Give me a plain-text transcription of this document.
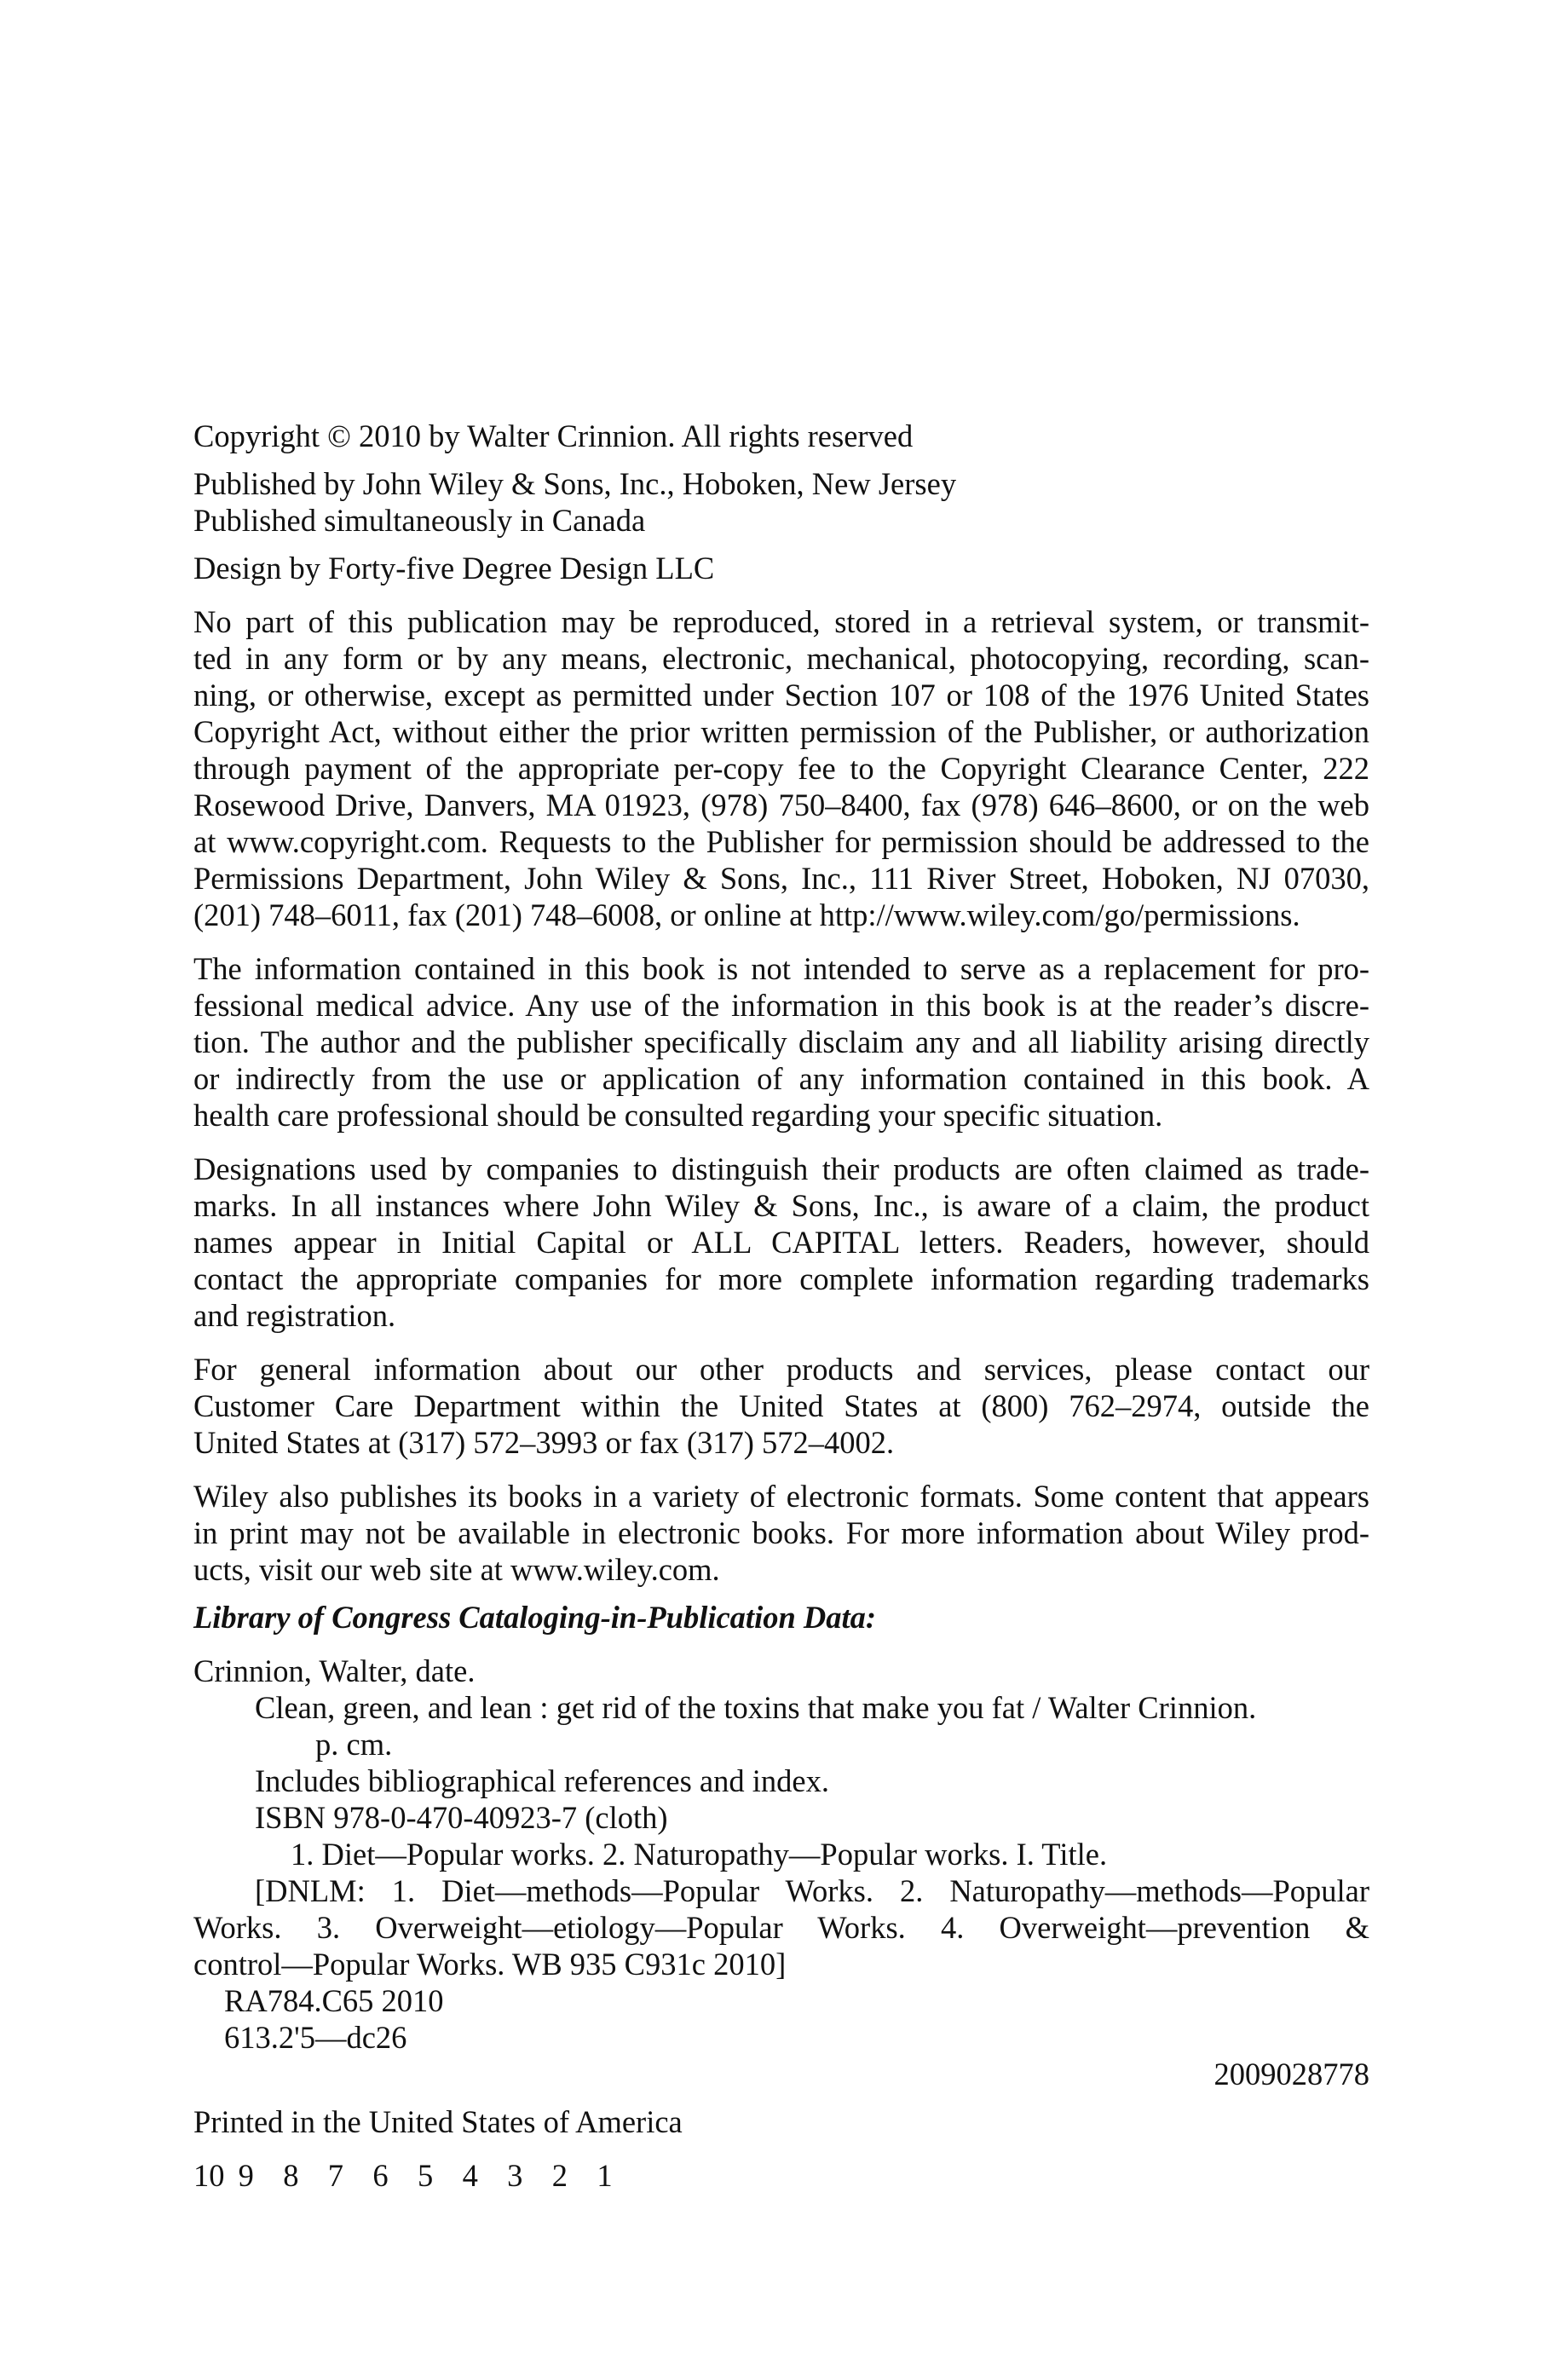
Copyright © 2010 by Walter Crinnion. All rights reserved
Published by John Wiley & Sons, Inc., Hoboken, New Jersey
Published simultaneously in Canada
Design by Forty-five Degree Design LLC
No part of this publication may be reproduced, stored in a retrieval system, or transmit-
ted in any form or by any means, electronic, mechanical, photocopying, recording, scan-
ning, or otherwise, except as permitted under Section 107 or 108 of the 1976 United States
Copyright Act, without either the prior written permission of the Publisher, or authorization
through payment of the appropriate per-copy fee to the Copyright Clearance Center, 222
Rosewood Drive, Danvers, MA 01923, (978) 750–8400, fax (978) 646–8600, or on the web
at www.copyright.com. Requests to the Publisher for permission should be addressed to the
Permissions Department, John Wiley & Sons, Inc., 111 River Street, Hoboken, NJ 07030,
(201) 748–6011, fax (201) 748–6008, or online at http://www.wiley.com/go/permissions.
The information contained in this book is not intended to serve as a replacement for pro-
fessional medical advice. Any use of the information in this book is at the reader’s discre-
tion. The author and the publisher specifically disclaim any and all liability arising directly
or indirectly from the use or application of any information contained in this book. A
health care professional should be consulted regarding your specific situation.
Designations used by companies to distinguish their products are often claimed as trade-
marks. In all instances where John Wiley & Sons, Inc., is aware of a claim, the product
names appear in Initial Capital or ALL CAPITAL letters. Readers, however, should
contact the appropriate companies for more complete information regarding trademarks
and registration.
For general information about our other products and services, please contact our
Customer Care Department within the United States at (800) 762–2974, outside the
United States at (317) 572–3993 or fax (317) 572–4002.
Wiley also publishes its books in a variety of electronic formats. Some content that appears
in print may not be available in electronic books. For more information about Wiley prod-
ucts, visit our web site at www.wiley.com.
Library of Congress Cataloging-in-Publication Data:
Crinnion, Walter, date.
Clean, green, and lean : get rid of the toxins that make you fat / Walter Crinnion.
p. cm.
Includes bibliographical references and index.
ISBN 978-0-470-40923-7 (cloth)
1. Diet—Popular works. 2. Naturopathy—Popular works. I. Title.
[DNLM: 1. Diet—methods—Popular Works. 2. Naturopathy—methods—Popular
Works. 3. Overweight—etiology—Popular Works. 4. Overweight—prevention &
control—Popular Works. WB 935 C931c 2010]
RA784.C65 2010
613.2'5—dc26
2009028778
Printed in the United States of America
10 9 8 7 6 5 4 3 2 1
